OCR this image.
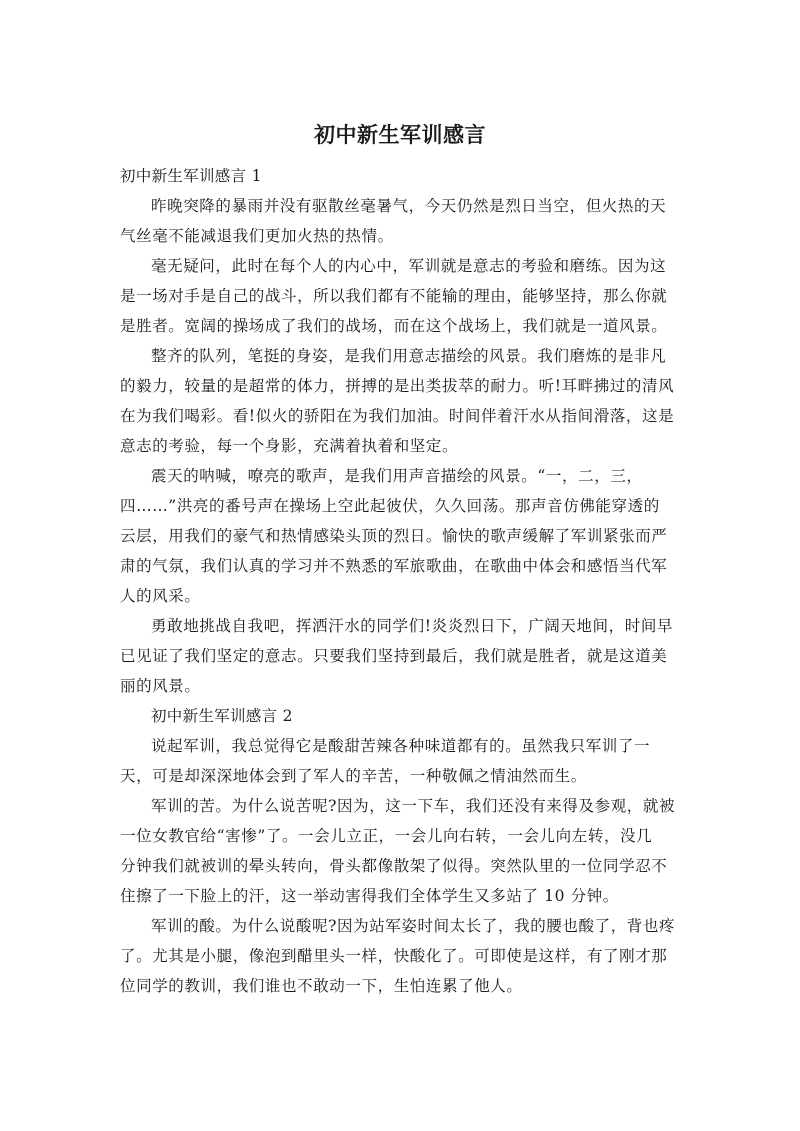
初中新生军训感言

初中新生军训感言 1

昨晚突降的暴雨并没有驱散丝毫暑气，今天仍然是烈日当空，但火热的天

气丝毫不能减退我们更加火热的热情。

毫无疑问，此时在每个人的内心中，军训就是意志的考验和磨练。因为这

是一场对手是自己的战斗，所以我们都有不能输的理由，能够坚持，那么你就

是胜者。宽阔的操场成了我们的战场，而在这个战场上，我们就是一道风景。

整齐的队列，笔挺的身姿，是我们用意志描绘的风景。我们磨炼的是非凡

的毅力，较量的是超常的体力，拼搏的是出类拔萃的耐力。听!耳畔拂过的清风

在为我们喝彩。看!似火的骄阳在为我们加油。时间伴着汗水从指间滑落，这是

意志的考验，每一个身影，充满着执着和坚定。

震天的呐喊，嘹亮的歌声，是我们用声音描绘的风景。“一，二，三，

四……”洪亮的番号声在操场上空此起彼伏，久久回荡。那声音仿佛能穿透的

云层，用我们的豪气和热情感染头顶的烈日。愉快的歌声缓解了军训紧张而严

肃的气氛，我们认真的学习并不熟悉的军旅歌曲，在歌曲中体会和感悟当代军

人的风采。

勇敢地挑战自我吧，挥洒汗水的同学们!炎炎烈日下，广阔天地间，时间早

已见证了我们坚定的意志。只要我们坚持到最后，我们就是胜者，就是这道美

丽的风景。

初中新生军训感言 2

说起军训，我总觉得它是酸甜苦辣各种味道都有的。虽然我只军训了一

天，可是却深深地体会到了军人的辛苦，一种敬佩之情油然而生。

军训的苦。为什么说苦呢?因为，这一下车，我们还没有来得及参观，就被

一位女教官给“害惨”了。一会儿立正，一会儿向右转，一会儿向左转，没几

分钟我们就被训的晕头转向，骨头都像散架了似得。突然队里的一位同学忍不

住擦了一下脸上的汗，这一举动害得我们全体学生又多站了 10 分钟。

军训的酸。为什么说酸呢?因为站军姿时间太长了，我的腰也酸了，背也疼

了。尤其是小腿，像泡到醋里头一样，快酸化了。可即使是这样，有了刚才那

位同学的教训，我们谁也不敢动一下，生怕连累了他人。
